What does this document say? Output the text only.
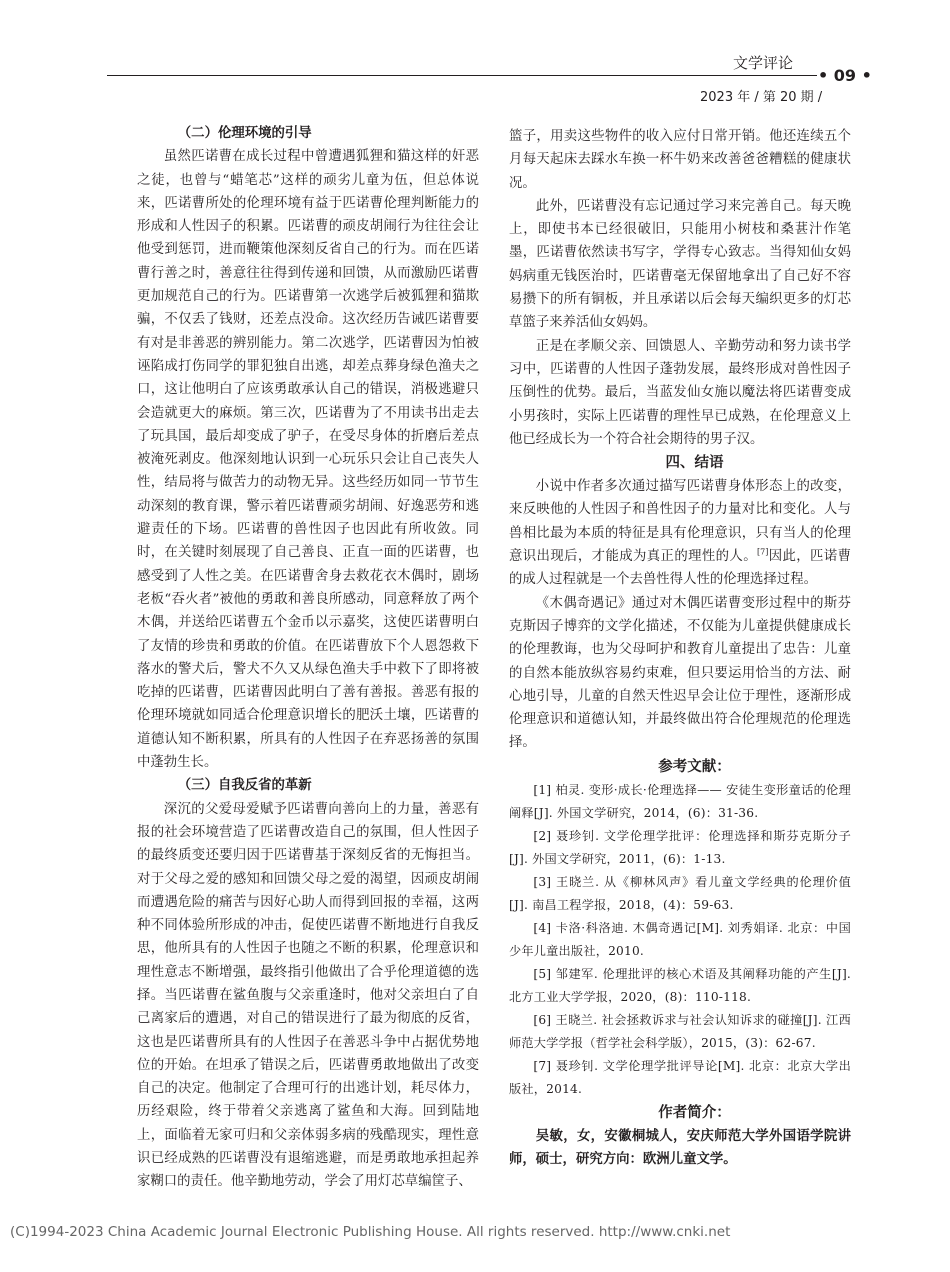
文学评论
• 09 •
2023 年 / 第 20 期 /

（二）伦理环境的引导

虽然匹诺曹在成长过程中曾遭遇狐狸和猫这样的奸恶之徒，也曾与“蜡笔芯”这样的顽劣儿童为伍，但总体说来，匹诺曹所处的伦理环境有益于匹诺曹伦理判断能力的形成和人性因子的积累。匹诺曹的顽皮胡闹行为往往会让他受到惩罚，进而鞭策他深刻反省自己的行为。而在匹诺曹行善之时，善意往往得到传递和回馈，从而激励匹诺曹更加规范自己的行为。匹诺曹第一次逃学后被狐狸和猫欺骗，不仅丢了钱财，还差点没命。这次经历告诫匹诺曹要有对是非善恶的辨别能力。第二次逃学，匹诺曹因为怕被诬陷成打伤同学的罪犯独自出逃，却差点葬身绿色渔夫之口，这让他明白了应该勇敢承认自己的错误，消极逃避只会造就更大的麻烦。第三次，匹诺曹为了不用读书出走去了玩具国，最后却变成了驴子，在受尽身体的折磨后差点被淹死剥皮。他深刻地认识到一心玩乐只会让自己丧失人性，结局将与做苦力的动物无异。这些经历如同一节节生动深刻的教育课，警示着匹诺曹顽劣胡闹、好逸恶劳和逃避责任的下场。匹诺曹的兽性因子也因此有所收敛。同时，在关键时刻展现了自己善良、正直一面的匹诺曹，也感受到了人性之美。在匹诺曹舍身去救花衣木偶时，剧场老板“吞火者”被他的勇敢和善良所感动，同意释放了两个木偶，并送给匹诺曹五个金币以示嘉奖，这使匹诺曹明白了友情的珍贵和勇敢的价值。在匹诺曹放下个人恩怨救下落水的警犬后，警犬不久又从绿色渔夫手中救下了即将被吃掉的匹诺曹，匹诺曹因此明白了善有善报。善恶有报的伦理环境就如同适合伦理意识增长的肥沃土壤，匹诺曹的道德认知不断积累，所具有的人性因子在弃恶扬善的氛围中蓬勃生长。

（三）自我反省的革新

深沉的父爱母爱赋予匹诺曹向善向上的力量，善恶有报的社会环境营造了匹诺曹改造自己的氛围，但人性因子的最终质变还要归因于匹诺曹基于深刻反省的无悔担当。对于父母之爱的感知和回馈父母之爱的渴望，因顽皮胡闹而遭遇危险的痛苦与因好心助人而得到回报的幸福，这两种不同体验所形成的冲击，促使匹诺曹不断地进行自我反思，他所具有的人性因子也随之不断的积累，伦理意识和理性意志不断增强，最终指引他做出了合乎伦理道德的选择。当匹诺曹在鲨鱼腹与父亲重逢时，他对父亲坦白了自己离家后的遭遇，对自己的错误进行了最为彻底的反省，这也是匹诺曹所具有的人性因子在善恶斗争中占据优势地位的开始。在坦承了错误之后，匹诺曹勇敢地做出了改变自己的决定。他制定了合理可行的出逃计划，耗尽体力，历经艰险，终于带着父亲逃离了鲨鱼和大海。回到陆地上，面临着无家可归和父亲体弱多病的残酷现实，理性意识已经成熟的匹诺曹没有退缩逃避，而是勇敢地承担起养家糊口的责任。他辛勤地劳动，学会了用灯芯草编筐子、

篮子，用卖这些物件的收入应付日常开销。他还连续五个月每天起床去踩水车换一杯牛奶来改善爸爸糟糕的健康状况。

此外，匹诺曹没有忘记通过学习来完善自己。每天晚上，即使书本已经很破旧，只能用小树枝和桑葚汁作笔墨，匹诺曹依然读书写字，学得专心致志。当得知仙女妈妈病重无钱医治时，匹诺曹毫无保留地拿出了自己好不容易攒下的所有铜板，并且承诺以后会每天编织更多的灯芯草篮子来养活仙女妈妈。

正是在孝顺父亲、回馈恩人、辛勤劳动和努力读书学习中，匹诺曹的人性因子蓬勃发展，最终形成对兽性因子压倒性的优势。最后，当蓝发仙女施以魔法将匹诺曹变成小男孩时，实际上匹诺曹的理性早已成熟，在伦理意义上他已经成长为一个符合社会期待的男子汉。

四、结语

小说中作者多次通过描写匹诺曹身体形态上的改变，来反映他的人性因子和兽性因子的力量对比和变化。人与兽相比最为本质的特征是具有伦理意识，只有当人的伦理意识出现后，才能成为真正的理性的人。[7]因此，匹诺曹的成人过程就是一个去兽性得人性的伦理选择过程。

《木偶奇遇记》通过对木偶匹诺曹变形过程中的斯芬克斯因子博弈的文学化描述，不仅能为儿童提供健康成长的伦理教诲，也为父母呵护和教育儿童提出了忠告：儿童的自然本能放纵容易约束难，但只要运用恰当的方法、耐心地引导，儿童的自然天性迟早会让位于理性，逐渐形成伦理意识和道德认知，并最终做出符合伦理规范的伦理选择。

参考文献：

[1] 柏灵. 变形·成长·伦理选择—— 安徒生变形童话的伦理阐释[J]. 外国文学研究，2014，(6)：31-36.

[2] 聂珍钊. 文学伦理学批评：伦理选择和斯芬克斯分子[J]. 外国文学研究，2011，(6)：1-13.

[3] 王晓兰. 从《柳林风声》看儿童文学经典的伦理价值[J]. 南昌工程学报，2018，(4)：59-63.

[4] 卡洛·科洛迪. 木偶奇遇记[M]. 刘秀娟译. 北京：中国少年儿童出版社，2010.

[5] 邹建军. 伦理批评的核心术语及其阐释功能的产生[J]. 北方工业大学学报，2020，(8)：110-118.

[6] 王晓兰. 社会拯救诉求与社会认知诉求的碰撞[J]. 江西师范大学学报（哲学社会科学版），2015，(3)：62-67.

[7] 聂珍钊. 文学伦理学批评导论[M]. 北京：北京大学出版社，2014.

作者简介：

吴敏，女，安徽桐城人，安庆师范大学外国语学院讲师，硕士，研究方向：欧洲儿童文学。

(C)1994-2023 China Academic Journal Electronic Publishing House. All rights reserved. http://www.cnki.net
